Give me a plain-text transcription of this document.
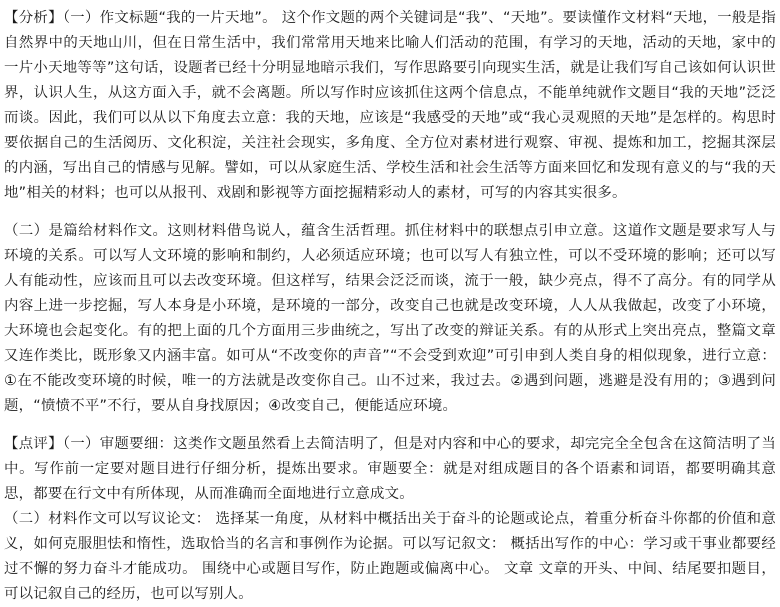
【分析】（一）作文标题“我的一片天地”。 这个作文题的两个关键词是“我”、“天地”。要读懂作文材料“天地，一般是指自然界中的天地山川，但在日常生活中，我们常常用天地来比喻人们活动的范围，有学习的天地，活动的天地，家中的一片小天地等等”这句话，设题者已经十分明显地暗示我们，写作思路要引向现实生活，就是让我们写自己该如何认识世界，认识人生，从这方面入手，就不会离题。所以写作时应该抓住这两个信息点，不能单纯就作文题目“我的天地”泛泛而谈。因此，我们可以从以下角度去立意：我的天地，应该是“我感受的天地”或“我心灵观照的天地”是怎样的。构思时要依据自己的生活阅历、文化积淀，关注社会现实，多角度、全方位对素材进行观察、审视、提炼和加工，挖掘其深层的内涵，写出自己的情感与见解。譬如，可以从家庭生活、学校生活和社会生活等方面来回忆和发现有意义的与“我的天地”相关的材料；也可以从报刊、戏剧和影视等方面挖掘精彩动人的素材，可写的内容其实很多。

（二）是篇给材料作文。这则材料借鸟说人，蕴含生活哲理。抓住材料中的联想点引申立意。这道作文题是要求写人与环境的关系。可以写人文环境的影响和制约，人必须适应环境；也可以写人有独立性，可以不受环境的影响；还可以写人有能动性，应该而且可以去改变环境。但这样写，结果会泛泛而谈，流于一般，缺少亮点，得不了高分。有的同学从内容上进一步挖掘，写人本身是小环境，是环境的一部分，改变自己也就是改变环境，人人从我做起，改变了小环境，大环境也会起变化。有的把上面的几个方面用三步曲统之，写出了改变的辩证关系。有的从形式上突出亮点，整篇文章又连作类比，既形象又内涵丰富。如可从“不改变你的声音”“不会受到欢迎”可引申到人类自身的相似现象，进行立意：①在不能改变环境的时候，唯一的方法就是改变你自己。山不过来，我过去。②遇到问题，逃避是没有用的；③遇到问题，“愤愤不平”不行，要从自身找原因；④改变自己，便能适应环境。

【点评】（一）审题要细：这类作文题虽然看上去简洁明了，但是对内容和中心的要求，却完完全全包含在这简洁明了当中。写作前一定要对题目进行仔细分析，提炼出要求。审题要全：就是对组成题目的各个语素和词语，都要明确其意思，都要在行文中有所体现，从而准确而全面地进行立意成文。

（二）材料作文可以写议论文： 选择某一角度，从材料中概括出关于奋斗的论题或论点，着重分析奋斗你都的价值和意义，如何克服胆怯和惰性，选取恰当的名言和事例作为论据。可以写记叙文： 概括出写作的中心：学习或干事业都要经过不懈的努力奋斗才能成功。 围绕中心或题目写作，防止跑题或偏离中心。 文章 文章的开头、中间、结尾要扣题目，可以记叙自己的经历，也可以写别人。
